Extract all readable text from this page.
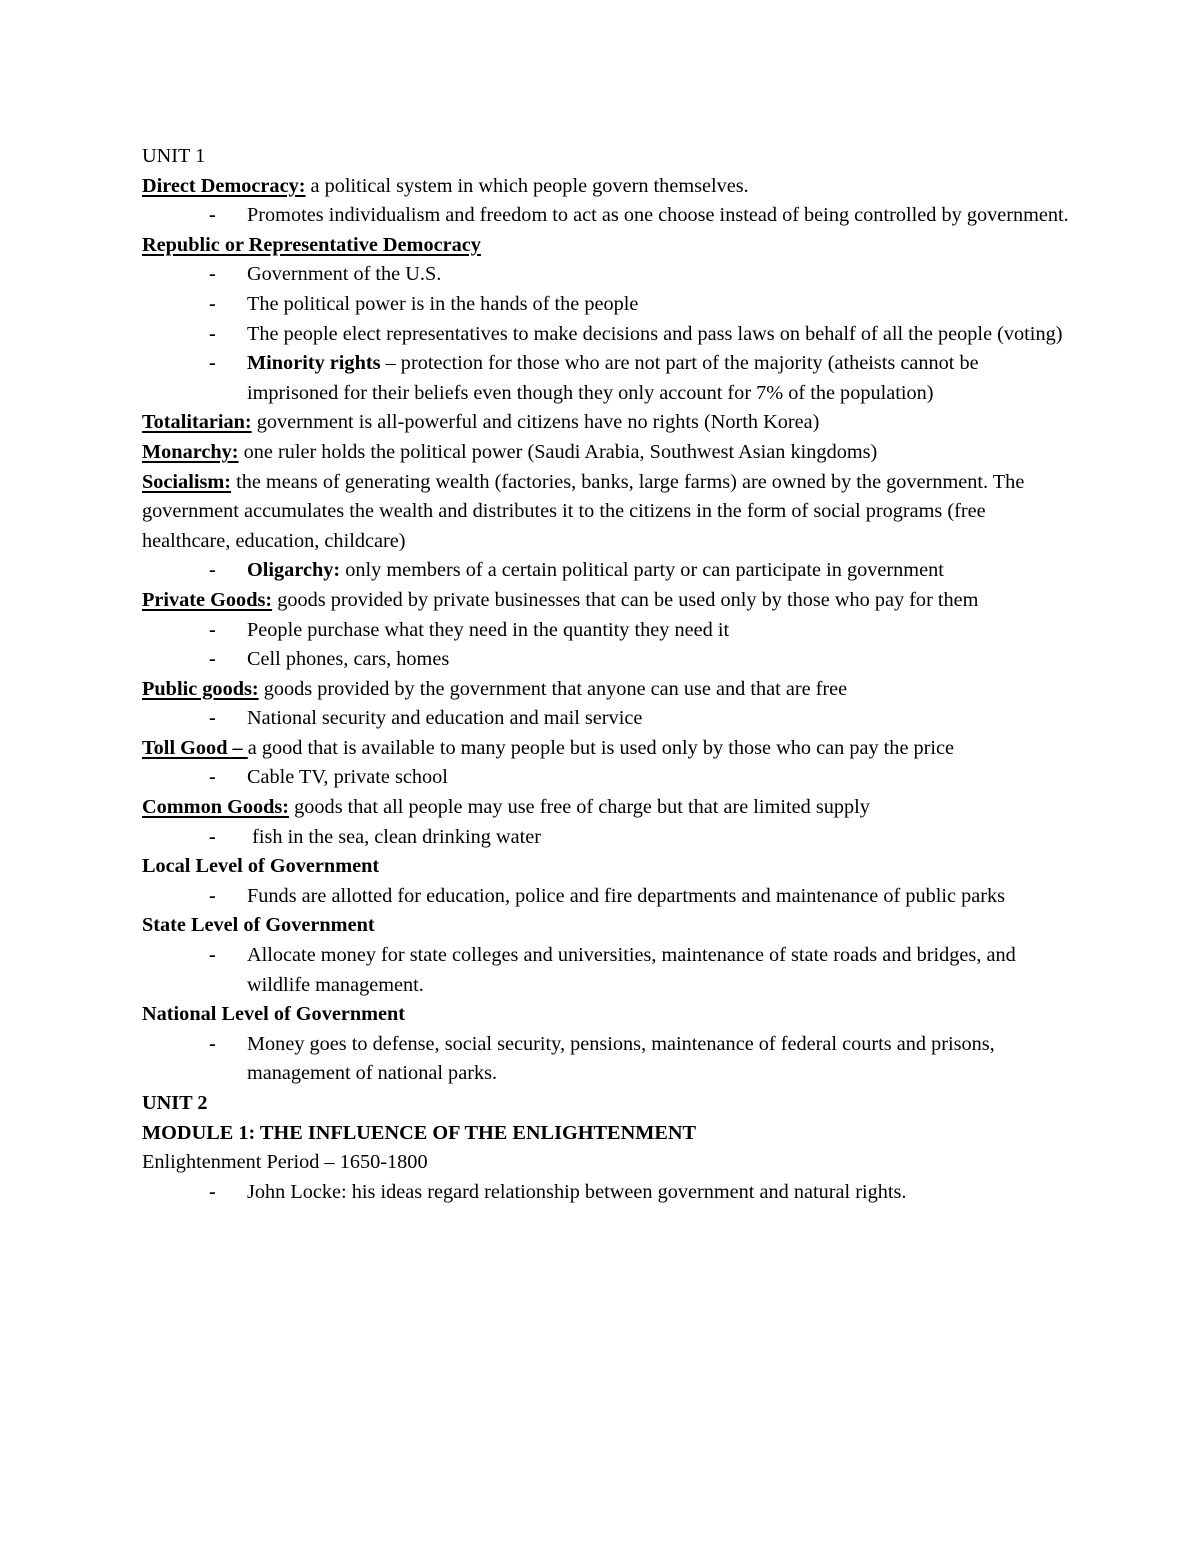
UNIT 1
Direct Democracy: a political system in which people govern themselves.
- Promotes individualism and freedom to act as one choose instead of being controlled by government.
Republic or Representative Democracy
- Government of the U.S.
- The political power is in the hands of the people
- The people elect representatives to make decisions and pass laws on behalf of all the people (voting)
- Minority rights – protection for those who are not part of the majority (atheists cannot be imprisoned for their beliefs even though they only account for 7% of the population)
Totalitarian: government is all-powerful and citizens have no rights (North Korea)
Monarchy: one ruler holds the political power (Saudi Arabia, Southwest Asian kingdoms)
Socialism: the means of generating wealth (factories, banks, large farms) are owned by the government. The government accumulates the wealth and distributes it to the citizens in the form of social programs (free healthcare, education, childcare)
- Oligarchy: only members of a certain political party or can participate in government
Private Goods: goods provided by private businesses that can be used only by those who pay for them
- People purchase what they need in the quantity they need it
- Cell phones, cars, homes
Public goods: goods provided by the government that anyone can use and that are free
- National security and education and mail service
Toll Good – a good that is available to many people but is used only by those who can pay the price
- Cable TV, private school
Common Goods: goods that all people may use free of charge but that are limited supply
- fish in the sea, clean drinking water
Local Level of Government
- Funds are allotted for education, police and fire departments and maintenance of public parks
State Level of Government
- Allocate money for state colleges and universities, maintenance of state roads and bridges, and wildlife management.
National Level of Government
- Money goes to defense, social security, pensions, maintenance of federal courts and prisons, management of national parks.
UNIT 2
MODULE 1: THE INFLUENCE OF THE ENLIGHTENMENT
Enlightenment Period – 1650-1800
- John Locke: his ideas regard relationship between government and natural rights.
